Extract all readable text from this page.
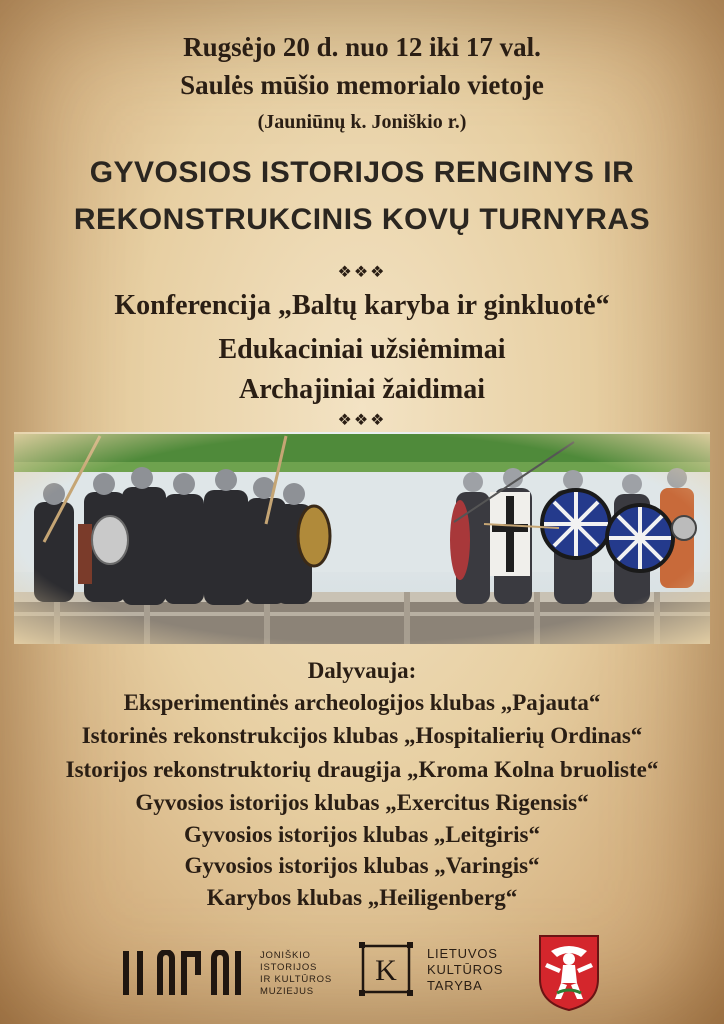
Rugsėjo 20 d. nuo 12 iki 17 val.
Saulės mūšio memorialo vietoje
(Jauniūnų k. Joniškio r.)
GYVOSIOS ISTORIJOS RENGINYS IR
REKONSTRUKCINIS KOVŲ TURNYRAS
❖❖❖
Konferencija „Baltų karyba ir ginkluotė“
Edukaciniai užsiėmimai
Archajiniai žaidimai
❖❖❖
Dalyvauja:
Eksperimentinės archeologijos klubas „Pajauta“
Istorinės rekonstrukcijos klubas „Hospitalierių Ordinas“
Istorijos rekonstruktorių draugija „Kroma Kolna bruoliste“
Gyvosios istorijos klubas „Exercitus Rigensis“
Gyvosios istorijos klubas „Leitgiris“
Gyvosios istorijos klubas „Varingis“
Karybos klubas „Heiligenberg“
JONIŠKIO
ISTORIJOS
IR KULTŪROS
MUZIEJUS
K
LIETUVOS
KULTŪROS
TARYBA
